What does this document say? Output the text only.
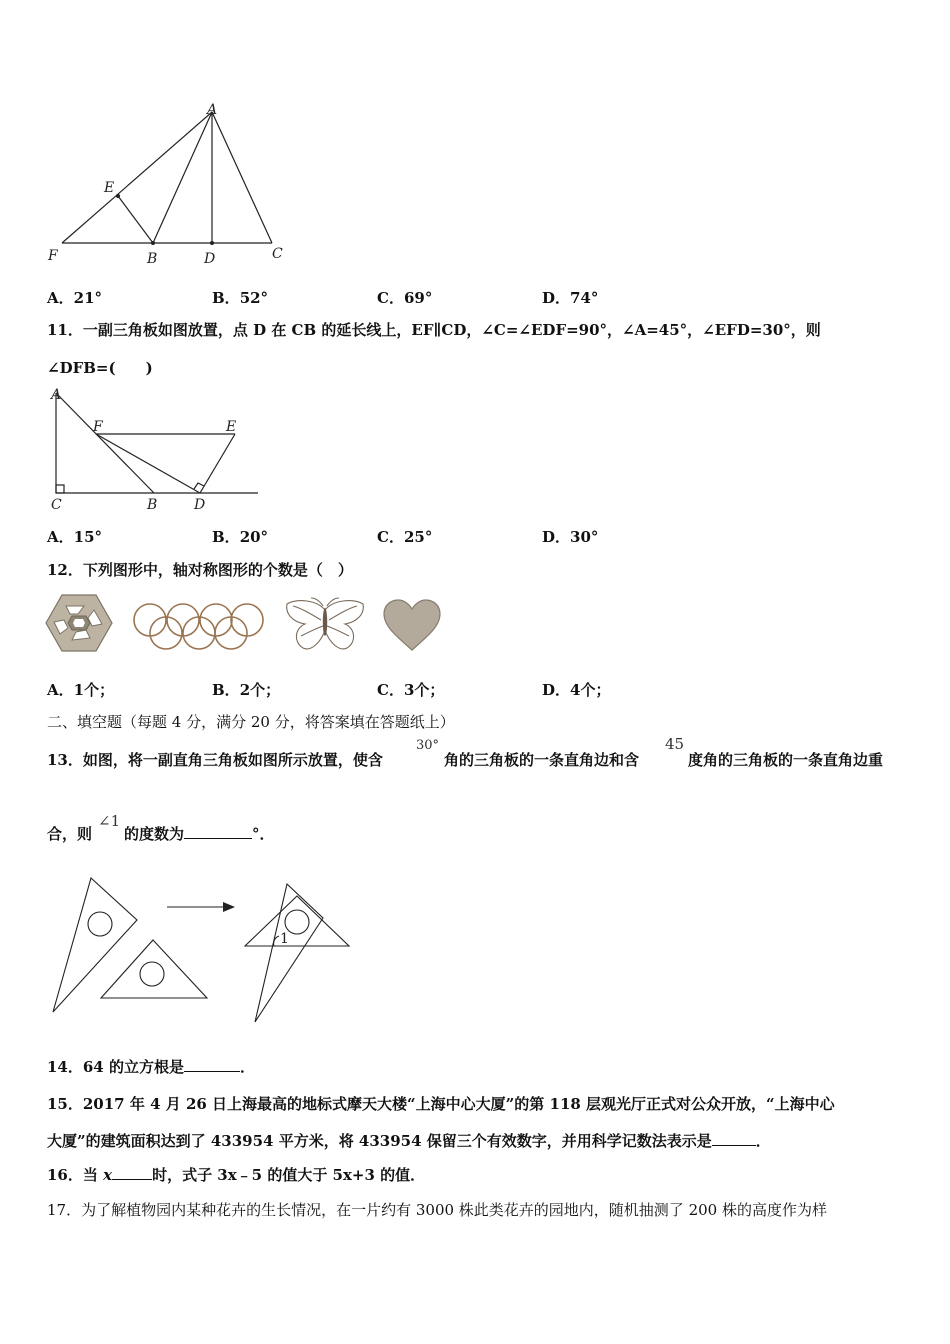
A
E
F	B	D	C
A．21°	B．52°	C．69°	D．74°
11．一副三角板如图放置，点 D 在 CB 的延长线上，EF∥CD，∠C=∠EDF=90°，∠A=45°，∠EFD=30°，则
∠DFB=(　　)
A
F	E
C	B	D
A．15°	B．20°	C．25°	D．30°
12．下列图形中，轴对称图形的个数是（　）
A．1个；	B．2个；	C．3个；	D．4个；
二、填空题（每题 4 分，满分 20 分，将答案填在答题纸上）
13．如图，将一副直角三角板如图所示放置，使含
30°
角的三角板的一条直角边和含
45
度角的三角板的一条直角边重
合，则
∠1
的度数为	°．
1
14．64 的立方根是	．
15．2017 年 4 月 26 日上海最高的地标式摩天大楼“上海中心大厦”的第 118 层观光厅正式对公众开放，“上海中心
大厦”的建筑面积达到了 433954 平方米，将 433954 保留三个有效数字，并用科学记数法表示是	．
16．当 x	时，式子 3x﹣5 的值大于 5x+3 的值．
17．为了解植物园内某种花卉的生长情况，在一片约有 3000 株此类花卉的园地内，随机抽测了 200 株的高度作为样
